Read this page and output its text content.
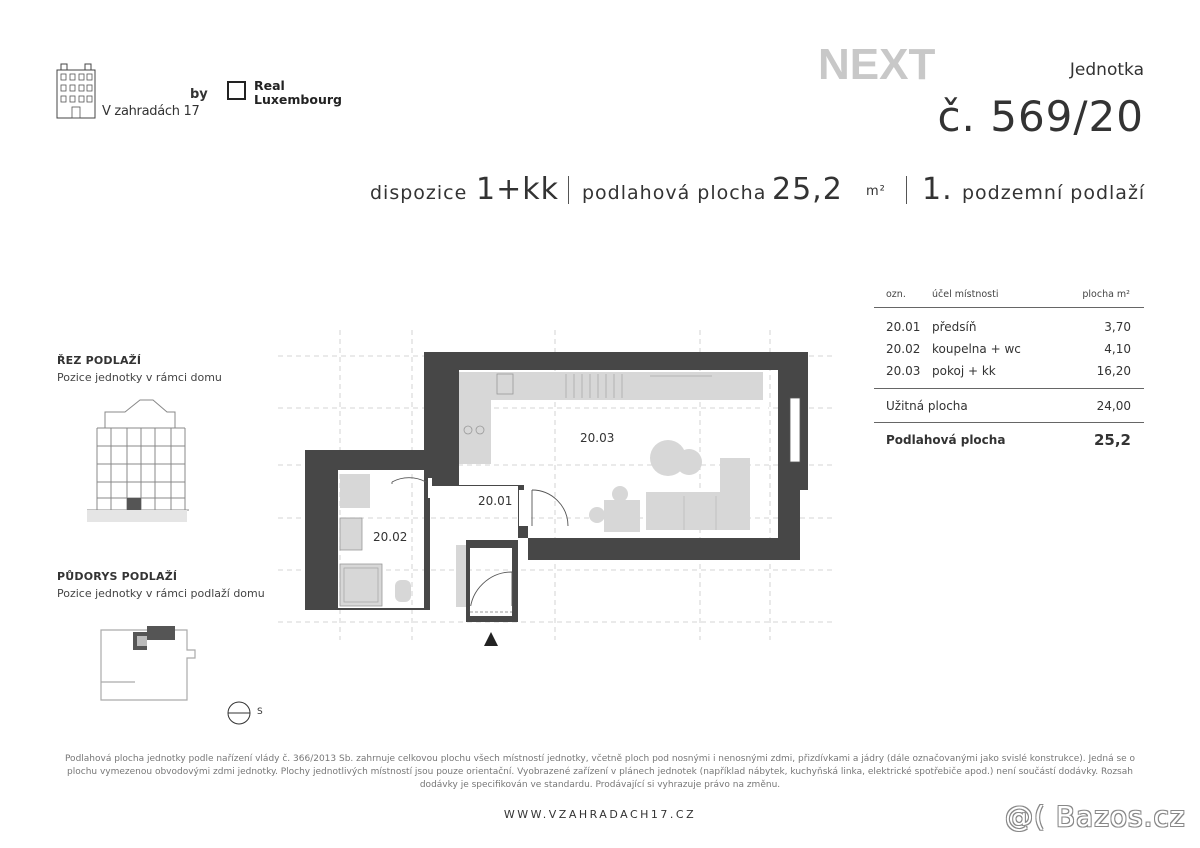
V zahradách 17
by
Real
Luxembourg
NEXT	Jednotka
č. 569/20
dispozice 1+kk podlahová plocha 25,2 m² 1. podzemní podlaží
ŘEZ PODLAŽÍ
Pozice jednotky v rámci domu
PŮDORYS PODLAŽÍ
Pozice jednotky v rámci podlaží domu
S
20.03
20.01
20.02
ozn.	účel místnosti	plocha m²
20.01 předsíň	3,70
20.02 koupelna + wc	4,10
20.03 pokoj + kk	16,20
Užitná plocha	24,00
Podlahová plocha	25,2
Podlahová plocha jednotky podle nařízení vlády č. 366/2013 Sb. zahrnuje celkovou plochu všech místností jednotky, včetně ploch pod nosnými i nenosnými zdmi, přizdívkami a jádry (dále označovanými jako svislé konstrukce). Jedná se o
plochu vymezenou obvodovými zdmi jednotky. Plochy jednotlivých místností jsou pouze orientační. Vyobrazené zařízení v plánech jednotek (například nábytek, kuchyňská linka, elektrické spotřebiče apod.) není součástí dodávky. Rozsah
dodávky je specifikován ve standardu. Prodávající si vyhrazuje právo na změnu.
WWW.VZAHRADACH17.CZ	@( Bazos.cz
